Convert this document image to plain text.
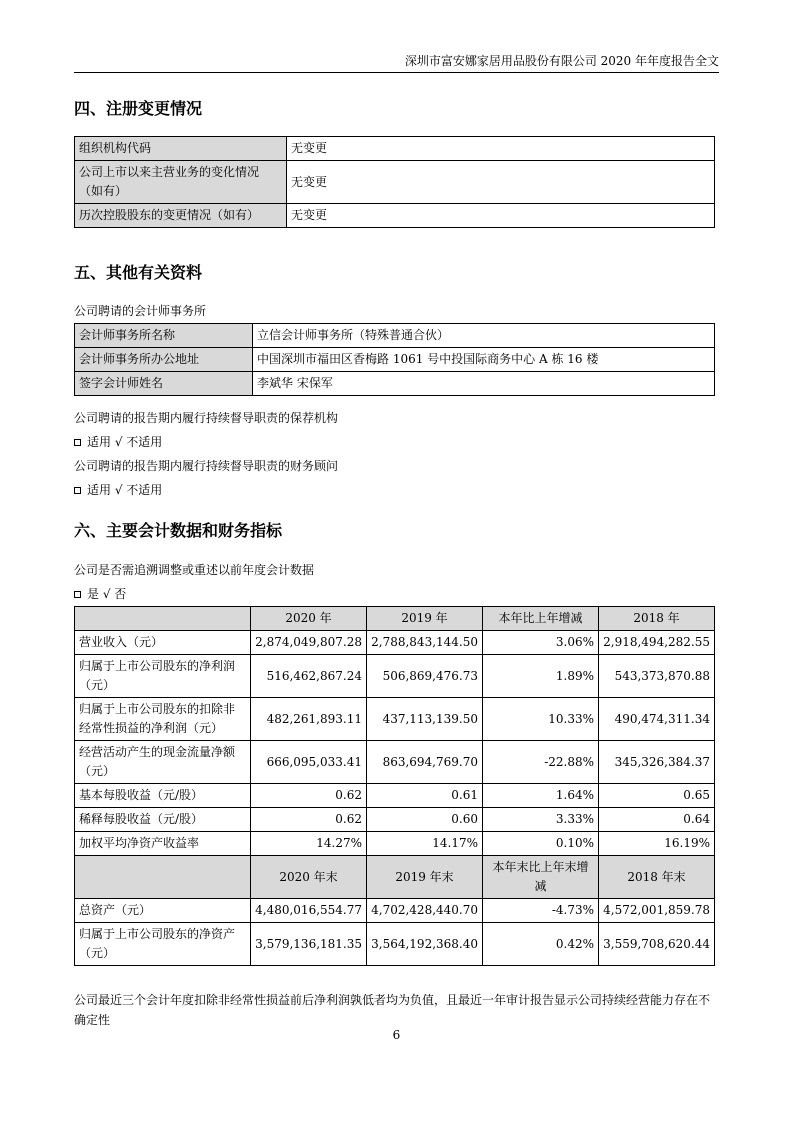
深圳市富安娜家居用品股份有限公司 2020 年年度报告全文
四、注册变更情况
组织机构代码	无变更
公司上市以来主营业务的变化情况（如有）	无变更
历次控股股东的变更情况（如有）	无变更
五、其他有关资料
公司聘请的会计师事务所
会计师事务所名称	立信会计师事务所（特殊普通合伙）
会计师事务所办公地址	中国深圳市福田区香梅路 1061 号中投国际商务中心 A 栋 16 楼
签字会计师姓名	李斌华 宋保军
公司聘请的报告期内履行持续督导职责的保荐机构
适用 √ 不适用
公司聘请的报告期内履行持续督导职责的财务顾问
适用 √ 不适用
六、主要会计数据和财务指标
公司是否需追溯调整或重述以前年度会计数据
是 √ 否
	2020 年	2019 年	本年比上年增减	2018 年
营业收入（元）	2,874,049,807.28	2,788,843,144.50	3.06%	2,918,494,282.55
归属于上市公司股东的净利润（元）	516,462,867.24	506,869,476.73	1.89%	543,373,870.88
归属于上市公司股东的扣除非经常性损益的净利润（元）	482,261,893.11	437,113,139.50	10.33%	490,474,311.34
经营活动产生的现金流量净额（元）	666,095,033.41	863,694,769.70	-22.88%	345,326,384.37
基本每股收益（元/股）	0.62	0.61	1.64%	0.65
稀释每股收益（元/股）	0.62	0.60	3.33%	0.64
加权平均净资产收益率	14.27%	14.17%	0.10%	16.19%
	2020 年末	2019 年末	本年末比上年末增减	2018 年末
总资产（元）	4,480,016,554.77	4,702,428,440.70	-4.73%	4,572,001,859.78
归属于上市公司股东的净资产（元）	3,579,136,181.35	3,564,192,368.40	0.42%	3,559,708,620.44
公司最近三个会计年度扣除非经常性损益前后净利润孰低者均为负值，且最近一年审计报告显示公司持续经营能力存在不确定性
6
